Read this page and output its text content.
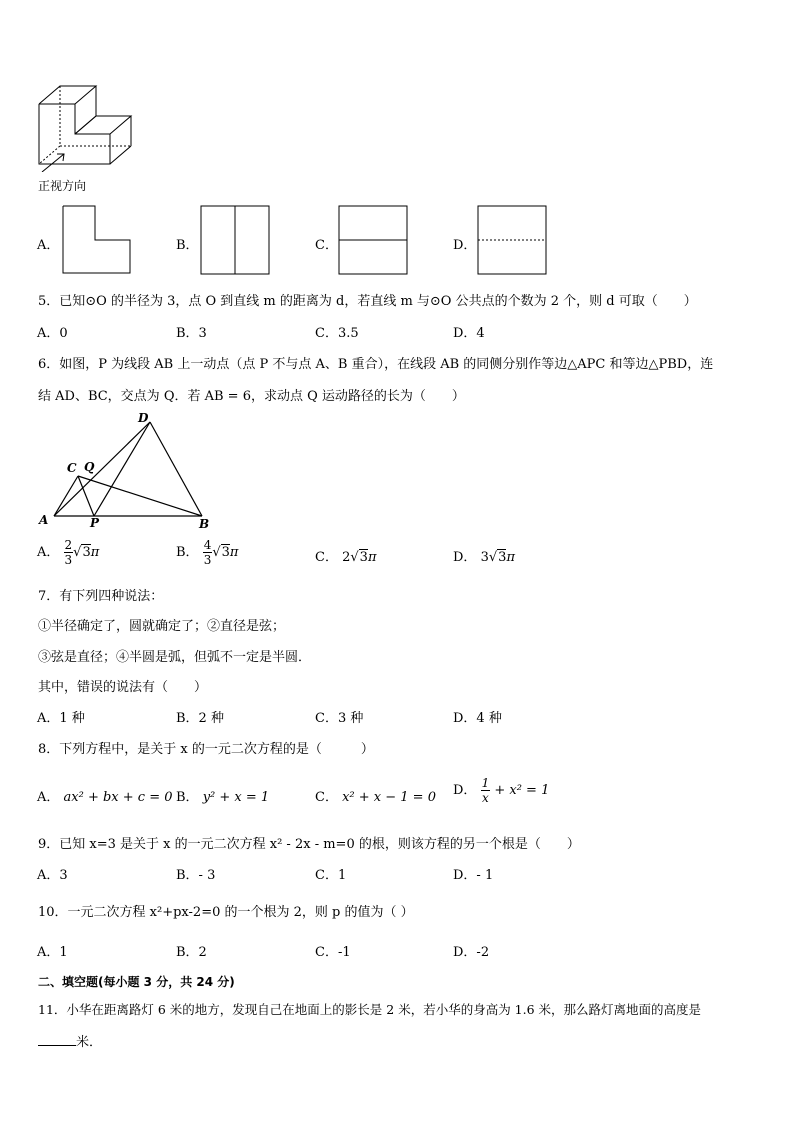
正视方向
A．	B．	C．	D．
5．已知⊙O 的半径为 3，点 O 到直线 m 的距离为 d，若直线 m 与⊙O 公共点的个数为 2 个，则 d 可取（　　）
A．0	B．3	C．3.5	D．4
6．如图，P 为线段 AB 上一动点（点 P 不与点 A、B 重合），在线段 AB 的同侧分别作等边△APC 和等边△PBD，连
结 AD、BC，交点为 Q．若 AB = 6，求动点 Q 运动路径的长为（　　）
D
C Q
A	P	B
A． $\frac{2}{3} √3\pi$	B． $\frac{4}{3} √3\pi$	C． 2√3π	D． 3√3π
7．有下列四种说法：
①半径确定了，圆就确定了；②直径是弦；
③弦是直径；④半圆是弧，但弧不一定是半圆．
其中，错误的说法有（　　）
A．1 种	B．2 种	C．3 种	D．4 种
8．下列方程中，是关于 x 的一元二次方程的是（　　　）
A． ax² + bx + c = 0 B． y² + x = 1	C． x² + x − 1 = 0 D． $\frac{1}{x} + x^2 = 1$
9．已知 x=3 是关于 x 的一元二次方程 x² - 2x - m=0 的根，则该方程的另一个根是（　　）
A．3	B．- 3	C．1	D．- 1
10．一元二次方程 x²+px-2=0 的一个根为 2，则 p 的值为（ ）
A．1	B．2	C．-1	D．-2
二、填空题(每小题 3 分，共 24 分)
11．小华在距离路灯 6 米的地方，发现自己在地面上的影长是 2 米，若小华的身高为 1.6 米，那么路灯离地面的高度是
米．
